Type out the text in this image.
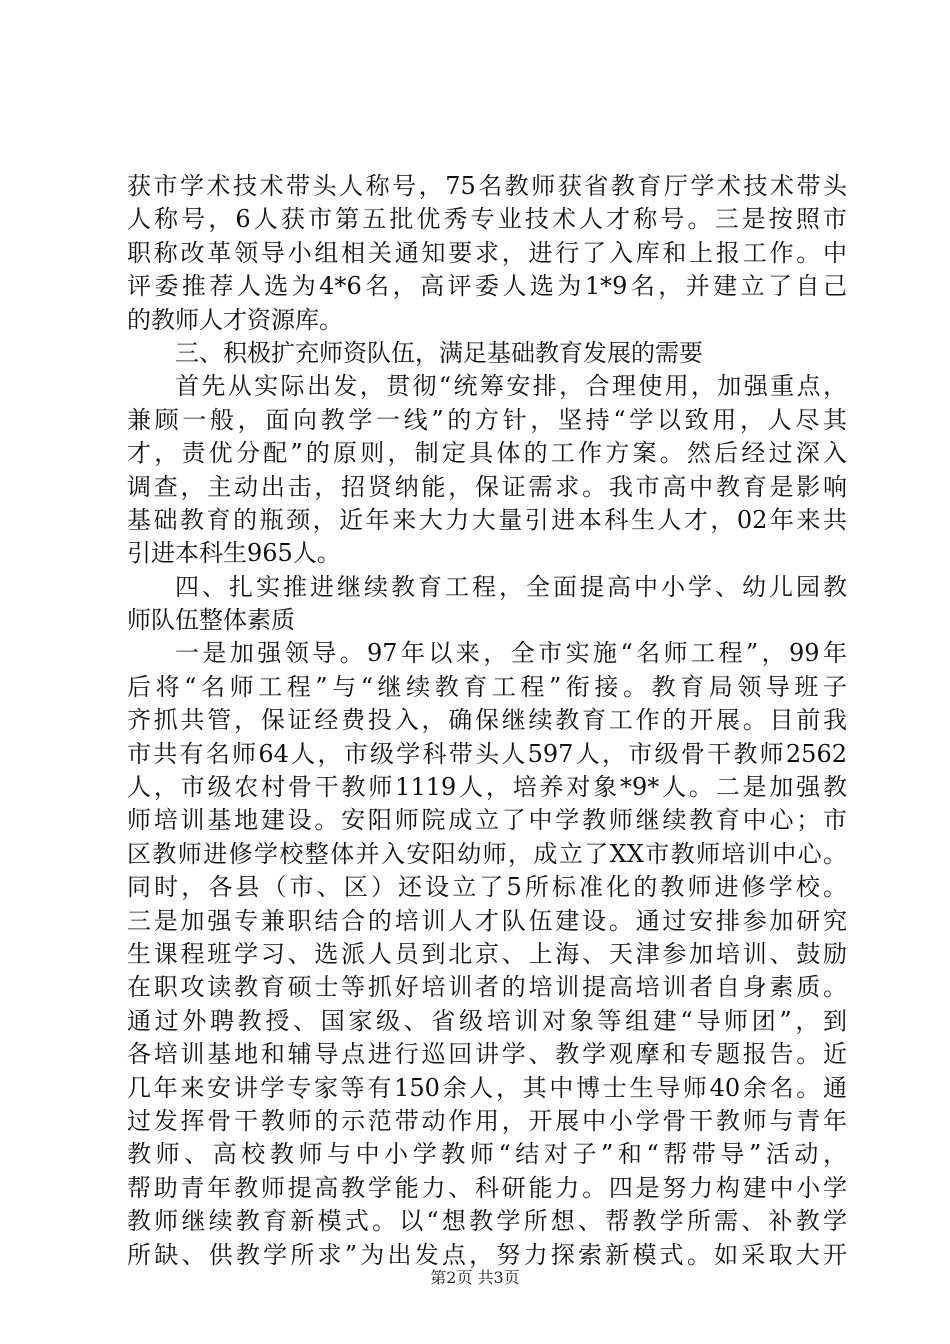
获市学术技术带头人称号，75名教师获省教育厅学术技术带头
人称号，6人获市第五批优秀专业技术人才称号。三是按照市
职称改革领导小组相关通知要求，进行了入库和上报工作。中
评委推荐人选为4*6名，高评委人选为1*9名，并建立了自己
的教师人才资源库。
三、积极扩充师资队伍，满足基础教育发展的需要
首先从实际出发，贯彻“统筹安排，合理使用，加强重点，
兼顾一般，面向教学一线”的方针，坚持“学以致用，人尽其
才，责优分配”的原则，制定具体的工作方案。然后经过深入
调查，主动出击，招贤纳能，保证需求。我市高中教育是影响
基础教育的瓶颈，近年来大力大量引进本科生人才，02年来共
引进本科生965人。
四、扎实推进继续教育工程，全面提高中小学、幼儿园教
师队伍整体素质
一是加强领导。97年以来，全市实施“名师工程”，99年
后将“名师工程”与“继续教育工程”衔接。教育局领导班子
齐抓共管，保证经费投入，确保继续教育工作的开展。目前我
市共有名师64人，市级学科带头人597人，市级骨干教师2562
人，市级农村骨干教师1119人，培养对象*9*人。二是加强教
师培训基地建设。安阳师院成立了中学教师继续教育中心；市
区教师进修学校整体并入安阳幼师，成立了XX市教师培训中心。
同时，各县（市、区）还设立了5所标准化的教师进修学校。
三是加强专兼职结合的培训人才队伍建设。通过安排参加研究
生课程班学习、选派人员到北京、上海、天津参加培训、鼓励
在职攻读教育硕士等抓好培训者的培训提高培训者自身素质。
通过外聘教授、国家级、省级培训对象等组建“导师团”，到
各培训基地和辅导点进行巡回讲学、教学观摩和专题报告。近
几年来安讲学专家等有150余人，其中博士生导师40余名。通
过发挥骨干教师的示范带动作用，开展中小学骨干教师与青年
教师、高校教师与中小学教师“结对子”和“帮带导”活动，
帮助青年教师提高教学能力、科研能力。四是努力构建中小学
教师继续教育新模式。以“想教学所想、帮教学所需、补教学
所缺、供教学所求”为出发点，努力探索新模式。如采取大开
第2页 共3页
